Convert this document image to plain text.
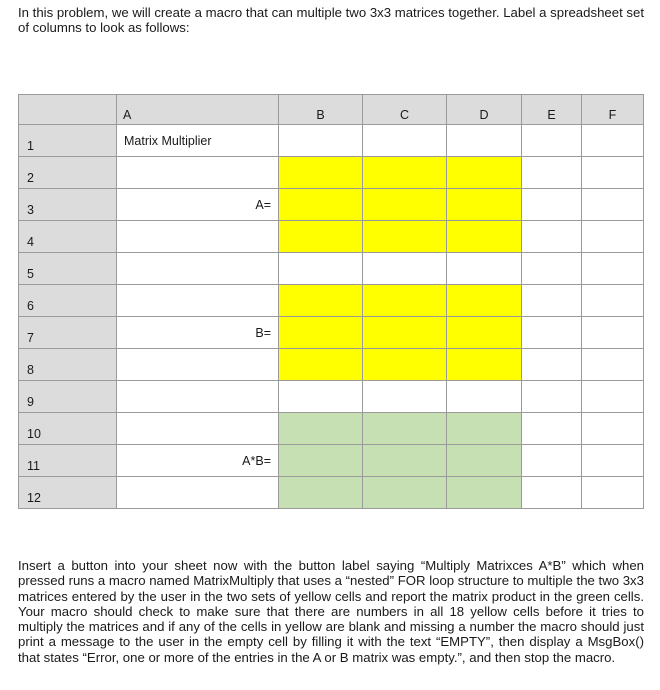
In this problem, we will create a macro that can multiple two 3x3 matrices together. Label a spreadsheet set of columns to look as follows:

	A	B	C	D	E	F

1	Matrix Multiplier					

2						

3	A=					

4						

5						

6						

7	B=					

8						

9						

10						

11	A*B=					

12						

Insert a button into your sheet now with the button label saying “Multiply Matrixces A*B” which when pressed runs a macro named MatrixMultiply that uses a “nested” FOR loop structure to multiple the two 3x3 matrices entered by the user in the two sets of yellow cells and report the matrix product in the green cells. Your macro should check to make sure that there are numbers in all 18 yellow cells before it tries to multiply the matrices and if any of the cells in yellow are blank and missing a number the macro should just print a message to the user in the empty cell by filling it with the text “EMPTY”, then display a MsgBox() that states “Error, one or more of the entries in the A or B matrix was empty.”, and then stop the macro.
